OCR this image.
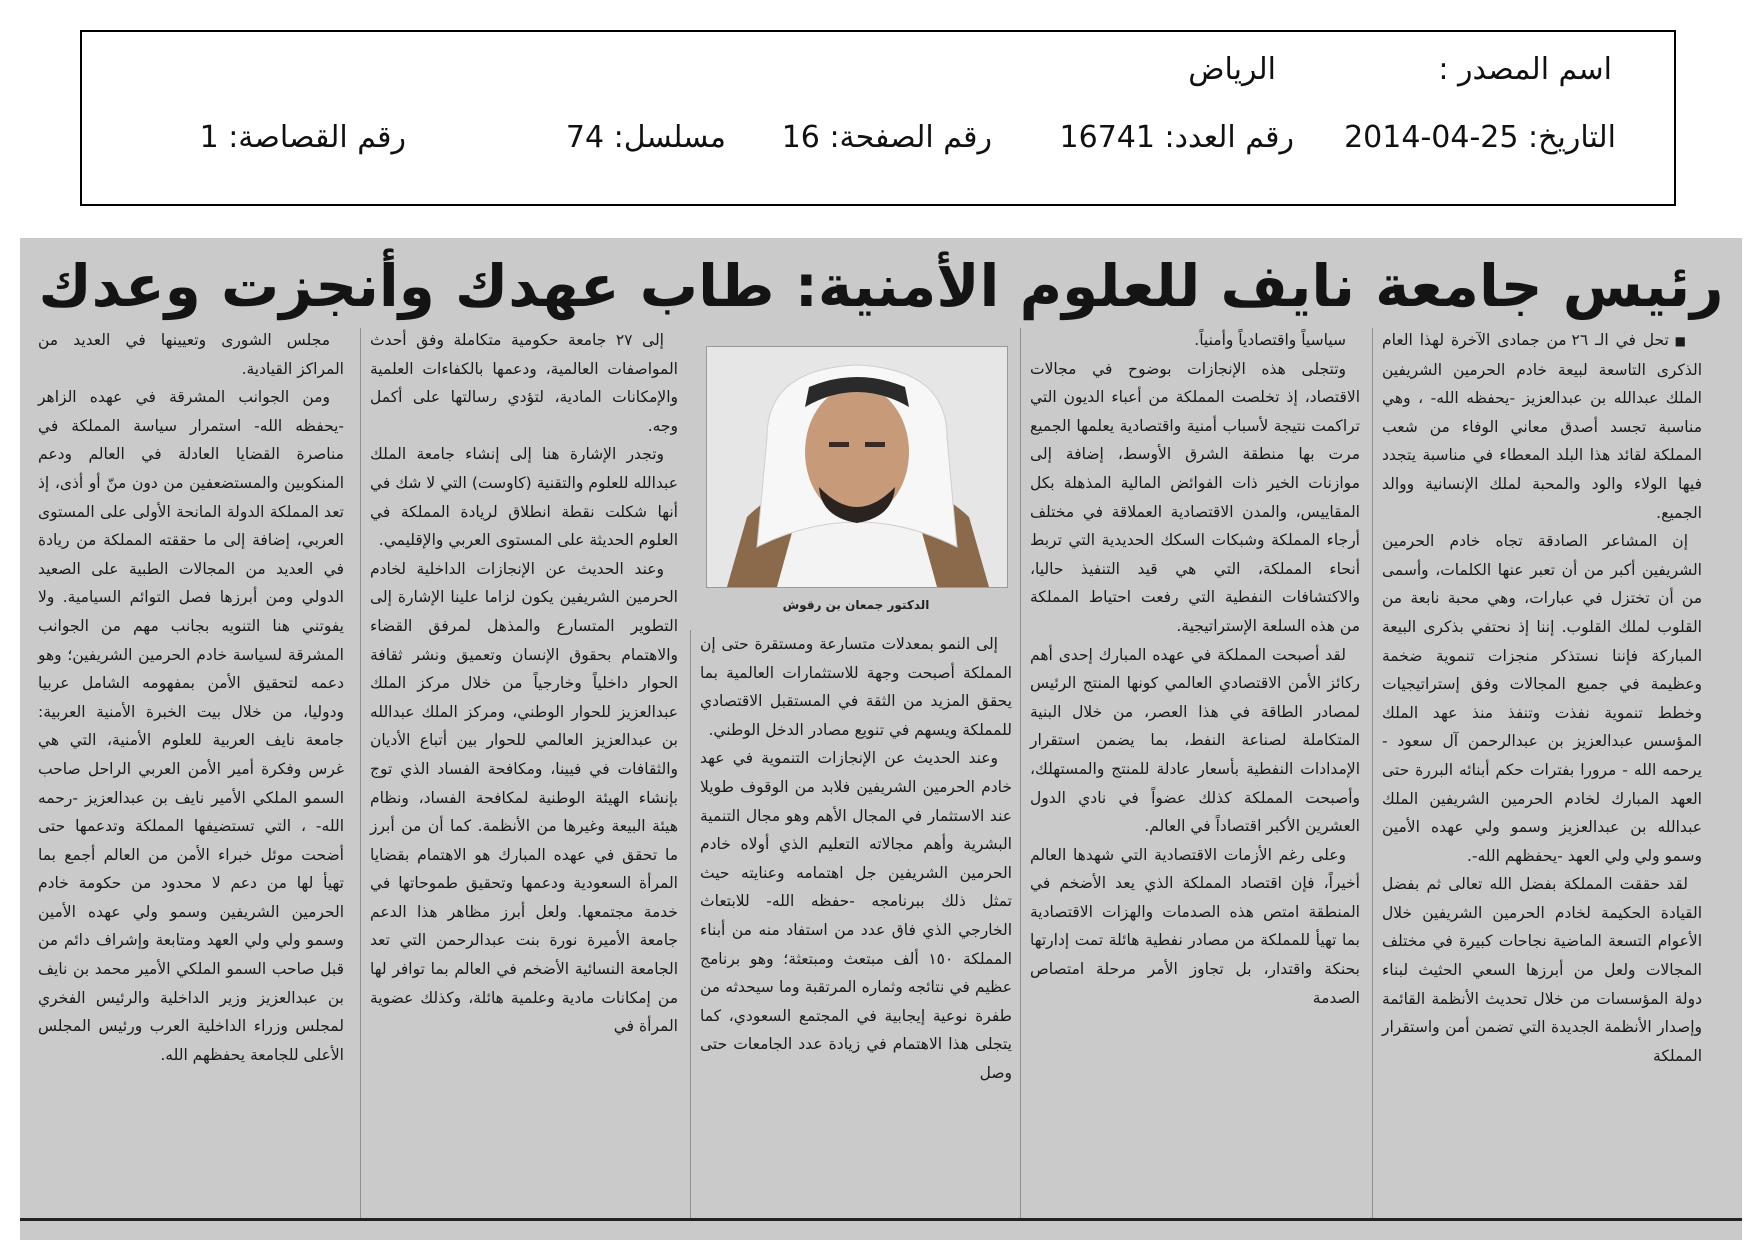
اسم المصدر :
الرياض
التاريخ: 25-04-2014
رقم العدد: 16741
رقم الصفحة: 16
مسلسل: 74
رقم القصاصة: 1
رئيس جامعة نايف للعلوم الأمنية: طاب عهدك وأنجزت وعدك

■ تحل في الـ ٢٦ من جمادى الآخرة لهذا العام الذكرى التاسعة لبيعة خادم الحرمين الشريفين الملك عبدالله بن عبدالعزيز -يحفظه الله- ، وهي مناسبة تجسد أصدق معاني الوفاء من شعب المملكة لقائد هذا البلد المعطاء في مناسبة يتجدد فيها الولاء والود والمحبة لملك الإنسانية ووالد الجميع.

إن المشاعر الصادقة تجاه خادم الحرمين الشريفين أكبر من أن تعبر عنها الكلمات، وأسمى من أن تختزل في عبارات، وهي محبة نابعة من القلوب لملك القلوب. إننا إذ نحتفي بذكرى البيعة المباركة فإننا نستذكر منجزات تنموية ضخمة وعظيمة في جميع المجالات وفق إستراتيجيات وخطط تنموية نفذت وتنفذ منذ عهد الملك المؤسس عبدالعزيز بن عبدالرحمن آل سعود - يرحمه الله - مرورا بفترات حكم أبنائه البررة حتى العهد المبارك لخادم الحرمين الشريفين الملك عبدالله بن عبدالعزيز وسمو ولي عهده الأمين وسمو ولي ولي العهد -يحفظهم الله-.

لقد حققت المملكة بفضل الله تعالى ثم بفضل القيادة الحكيمة لخادم الحرمين الشريفين خلال الأعوام التسعة الماضية نجاحات كبيرة في مختلف المجالات ولعل من أبرزها السعي الحثيث لبناء دولة المؤسسات من خلال تحديث الأنظمة القائمة وإصدار الأنظمة الجديدة التي تضمن أمن واستقرار المملكة

سياسياً واقتصادياً وأمنياً.

وتتجلى هذه الإنجازات بوضوح في مجالات الاقتصاد، إذ تخلصت المملكة من أعباء الديون التي تراكمت نتيجة لأسباب أمنية واقتصادية يعلمها الجميع مرت بها منطقة الشرق الأوسط، إضافة إلى موازنات الخير ذات الفوائض المالية المذهلة بكل المقاييس، والمدن الاقتصادية العملاقة في مختلف أرجاء المملكة وشبكات السكك الحديدية التي تربط أنحاء المملكة، التي هي قيد التنفيذ حاليا، والاكتشافات النفطية التي رفعت احتياط المملكة من هذه السلعة الإستراتيجية.

لقد أصبحت المملكة في عهده المبارك إحدى أهم ركائز الأمن الاقتصادي العالمي كونها المنتج الرئيس لمصادر الطاقة في هذا العصر، من خلال البنية المتكاملة لصناعة النفط، بما يضمن استقرار الإمدادات النفطية بأسعار عادلة للمنتج والمستهلك، وأصبحت المملكة كذلك عضواً في نادي الدول العشرين الأكبر اقتصاداً في العالم.

وعلى رغم الأزمات الاقتصادية التي شهدها العالم أخيراً، فإن اقتصاد المملكة الذي يعد الأضخم في المنطقة امتص هذه الصدمات والهزات الاقتصادية بما تهيأ للمملكة من مصادر نفطية هائلة تمت إدارتها بحنكة واقتدار، بل تجاوز الأمر مرحلة امتصاص الصدمة

الدكتور جمعان بن رقوش

إلى النمو بمعدلات متسارعة ومستقرة حتى إن المملكة أصبحت وجهة للاستثمارات العالمية بما يحقق المزيد من الثقة في المستقبل الاقتصادي للمملكة ويسهم في تنويع مصادر الدخل الوطني.

وعند الحديث عن الإنجازات التنموية في عهد خادم الحرمين الشريفين فلابد من الوقوف طويلا عند الاستثمار في المجال الأهم وهو مجال التنمية البشرية وأهم مجالاته التعليم الذي أولاه خادم الحرمين الشريفين جل اهتمامه وعنايته حيث تمثل ذلك ببرنامجه -حفظه الله- للابتعاث الخارجي الذي فاق عدد من استفاد منه من أبناء المملكة ١٥٠ ألف مبتعث ومبتعثة؛ وهو برنامج عظيم في نتائجه وثماره المرتقبة وما سيحدثه من طفرة نوعية إيجابية في المجتمع السعودي، كما يتجلى هذا الاهتمام في زيادة عدد الجامعات حتى وصل

إلى ٢٧ جامعة حكومية متكاملة وفق أحدث المواصفات العالمية، ودعمها بالكفاءات العلمية والإمكانات المادية، لتؤدي رسالتها على أكمل وجه.

وتجدر الإشارة هنا إلى إنشاء جامعة الملك عبدالله للعلوم والتقنية (كاوست) التي لا شك في أنها شكلت نقطة انطلاق لريادة المملكة في العلوم الحديثة على المستوى العربي والإقليمي.

وعند الحديث عن الإنجازات الداخلية لخادم الحرمين الشريفين يكون لزاما علينا الإشارة إلى التطوير المتسارع والمذهل لمرفق القضاء والاهتمام بحقوق الإنسان وتعميق ونشر ثقافة الحوار داخلياً وخارجياً من خلال مركز الملك عبدالعزيز للحوار الوطني، ومركز الملك عبدالله بن عبدالعزيز العالمي للحوار بين أتباع الأديان والثقافات في فيينا، ومكافحة الفساد الذي توج بإنشاء الهيئة الوطنية لمكافحة الفساد، ونظام هيئة البيعة وغيرها من الأنظمة. كما أن من أبرز ما تحقق في عهده المبارك هو الاهتمام بقضايا المرأة السعودية ودعمها وتحقيق طموحاتها في خدمة مجتمعها. ولعل أبرز مظاهر هذا الدعم جامعة الأميرة نورة بنت عبدالرحمن التي تعد الجامعة النسائية الأضخم في العالم بما توافر لها من إمكانات مادية وعلمية هائلة، وكذلك عضوية المرأة في

مجلس الشورى وتعيينها في العديد من المراكز القيادية.

ومن الجوانب المشرقة في عهده الزاهر -يحفظه الله- استمرار سياسة المملكة في مناصرة القضايا العادلة في العالم ودعم المنكوبين والمستضعفين من دون منّ أو أذى، إذ تعد المملكة الدولة المانحة الأولى على المستوى العربي، إضافة إلى ما حققته المملكة من ريادة في العديد من المجالات الطبية على الصعيد الدولي ومن أبرزها فصل التوائم السيامية. ولا يفوتني هنا التنويه بجانب مهم من الجوانب المشرقة لسياسة خادم الحرمين الشريفين؛ وهو دعمه لتحقيق الأمن بمفهومه الشامل عربيا ودوليا، من خلال بيت الخبرة الأمنية العربية: جامعة نايف العربية للعلوم الأمنية، التي هي غرس وفكرة أمير الأمن العربي الراحل صاحب السمو الملكي الأمير نايف بن عبدالعزيز -رحمه الله- ، التي تستضيفها المملكة وتدعمها حتى أضحت موئل خبراء الأمن من العالم أجمع بما تهيأ لها من دعم لا محدود من حكومة خادم الحرمين الشريفين وسمو ولي عهده الأمين وسمو ولي ولي العهد ومتابعة وإشراف دائم من قبل صاحب السمو الملكي الأمير محمد بن نايف بن عبدالعزيز وزير الداخلية والرئيس الفخري لمجلس وزراء الداخلية العرب ورئيس المجلس الأعلى للجامعة يحفظهم الله.
